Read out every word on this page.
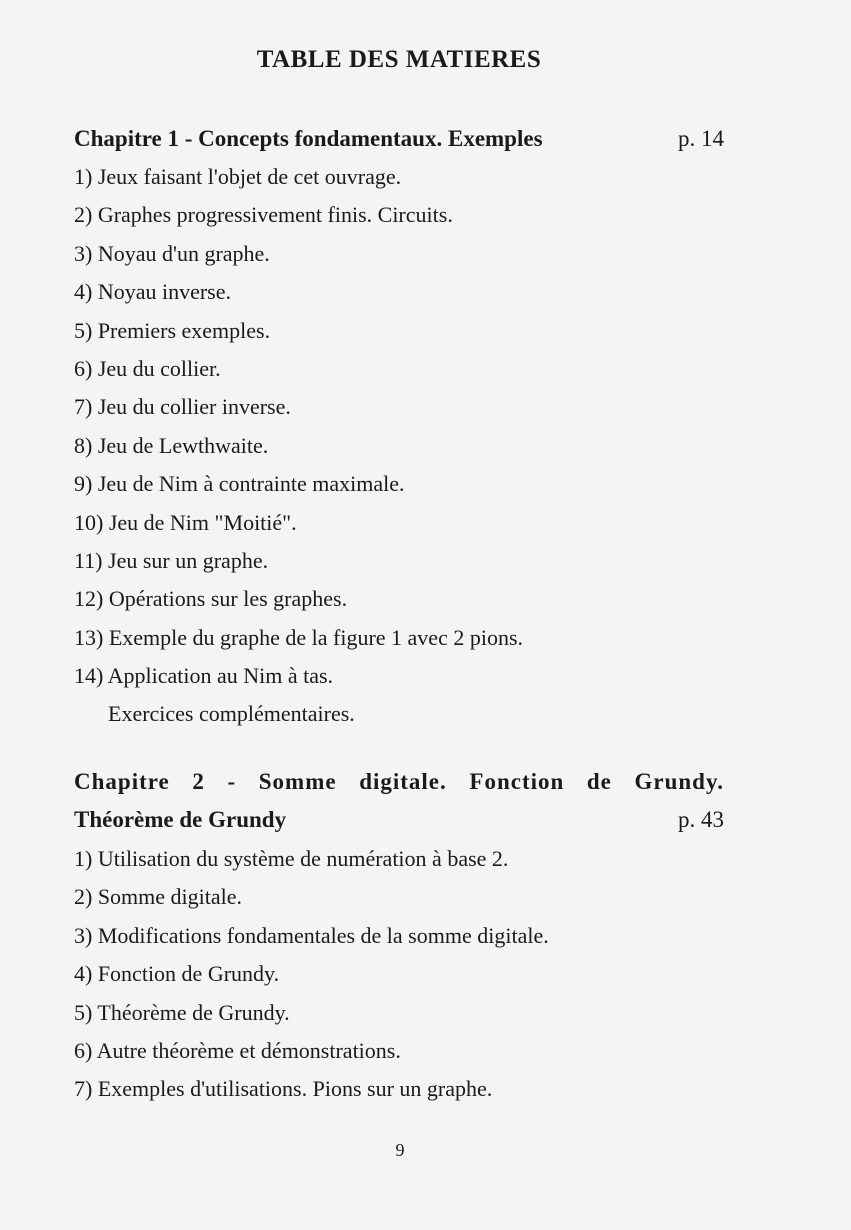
TABLE DES MATIERES
Chapitre 1 - Concepts fondamentaux. Exemples	p. 14
1) Jeux faisant l'objet de cet ouvrage.
2) Graphes progressivement finis. Circuits.
3) Noyau d'un graphe.
4) Noyau inverse.
5) Premiers exemples.
6) Jeu du collier.
7) Jeu du collier inverse.
8) Jeu de Lewthwaite.
9) Jeu de Nim à contrainte maximale.
10) Jeu de Nim "Moitié".
11) Jeu sur un graphe.
12) Opérations sur les graphes.
13) Exemple du graphe de la figure 1 avec 2 pions.
14) Application au Nim à tas.
Exercices complémentaires.
Chapitre 2 - Somme digitale. Fonction de Grundy.
Théorème de Grundy	p. 43
1) Utilisation du système de numération à base 2.
2) Somme digitale.
3) Modifications fondamentales de la somme digitale.
4) Fonction de Grundy.
5) Théorème de Grundy.
6) Autre théorème et démonstrations.
7) Exemples d'utilisations. Pions sur un graphe.
9
